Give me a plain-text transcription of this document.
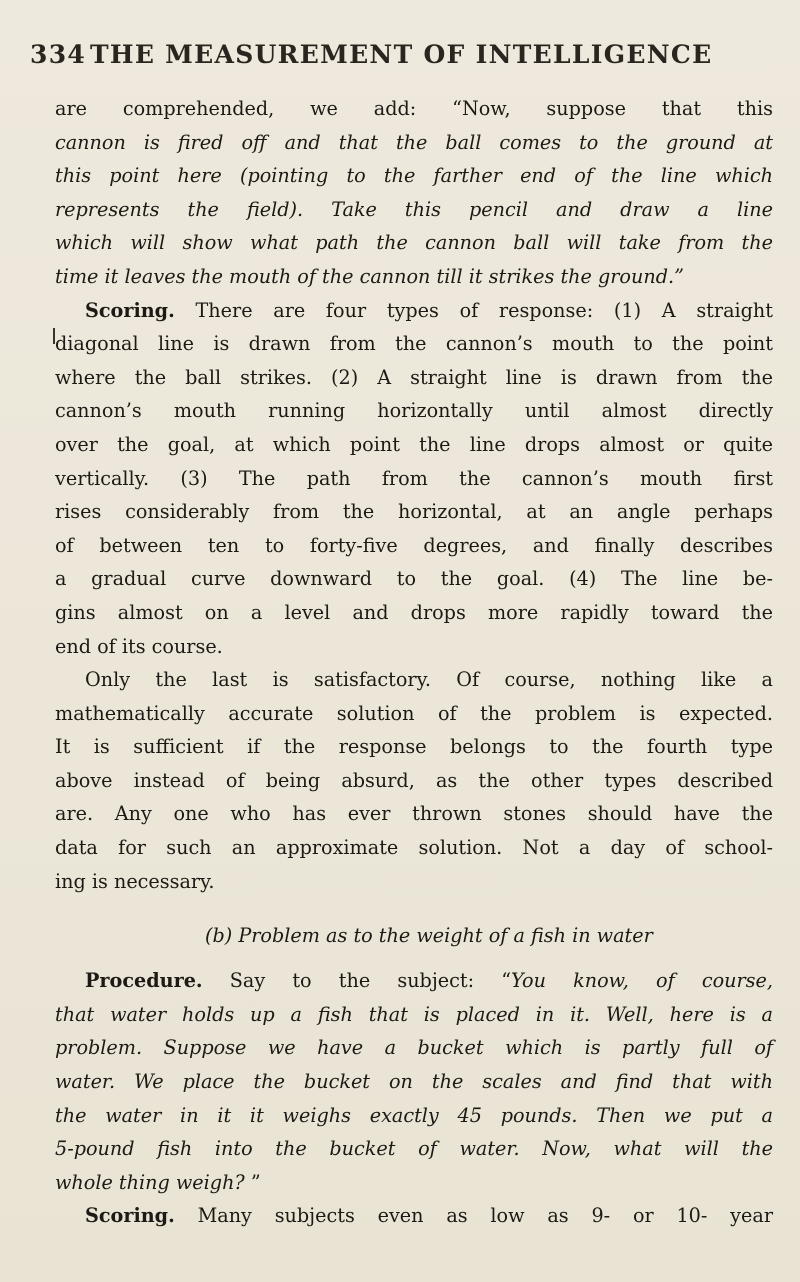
334 THE MEASUREMENT OF INTELLIGENCE
are comprehended, we add: “Now, suppose that this
cannon is fired off and that the ball comes to the ground at
this point here (pointing to the farther end of the line which
represents the field). Take this pencil and draw a line
which will show what path the cannon ball will take from the
time it leaves the mouth of the cannon till it strikes the ground.”
Scoring. There are four types of response: (1) A straight
diagonal line is drawn from the cannon’s mouth to the point
where the ball strikes. (2) A straight line is drawn from the
cannon’s mouth running horizontally until almost directly
over the goal, at which point the line drops almost or quite
vertically. (3) The path from the cannon’s mouth first
rises considerably from the horizontal, at an angle perhaps
of between ten to forty-five degrees, and finally describes
a gradual curve downward to the goal. (4) The line be-
gins almost on a level and drops more rapidly toward the
end of its course.
Only the last is satisfactory. Of course, nothing like a
mathematically accurate solution of the problem is expected.
It is sufficient if the response belongs to the fourth type
above instead of being absurd, as the other types described
are. Any one who has ever thrown stones should have the
data for such an approximate solution. Not a day of school-
ing is necessary.
(b) Problem as to the weight of a fish in water
Procedure. Say to the subject: “You know, of course,
that water holds up a fish that is placed in it. Well, here is a
problem. Suppose we have a bucket which is partly full of
water. We place the bucket on the scales and find that with
the water in it it weighs exactly 45 pounds. Then we put a
5-pound fish into the bucket of water. Now, what will the
whole thing weigh? ”
Scoring. Many subjects even as low as 9- or 10- year
